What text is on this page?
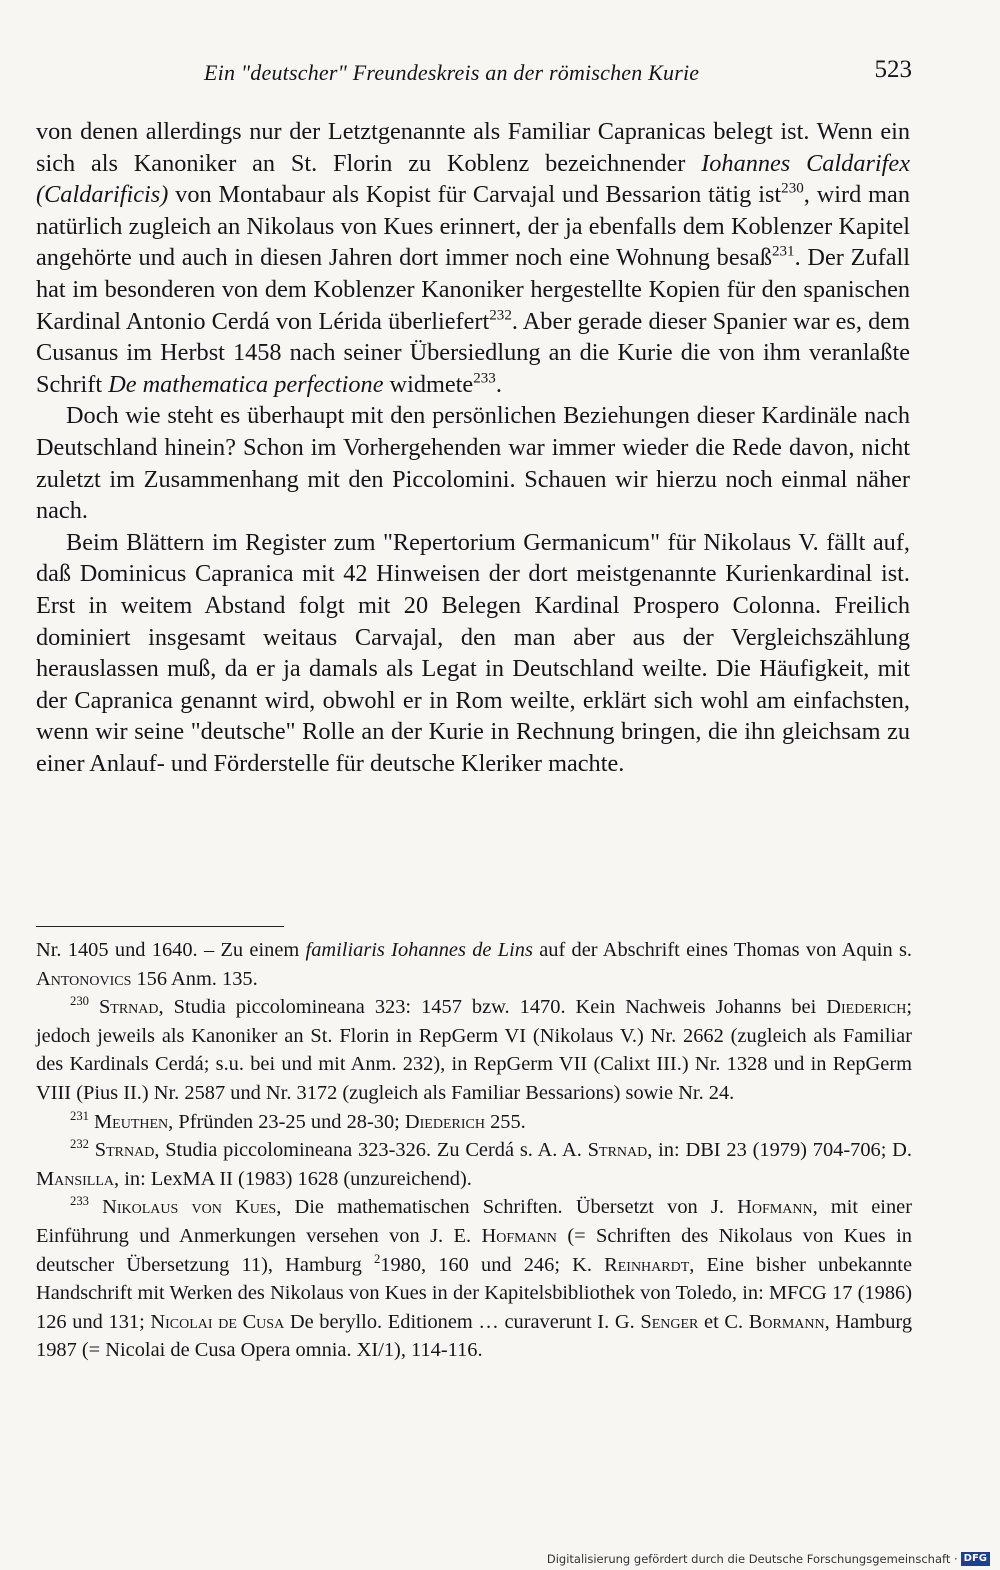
Ein "deutscher" Freundeskreis an der römischen Kurie	523

von denen allerdings nur der Letztgenannte als Familiar Capranicas belegt ist. Wenn ein sich als Kanoniker an St. Florin zu Koblenz bezeichnender Iohannes Caldarifex (Caldarificis) von Montabaur als Kopist für Carvajal und Bessarion tätig ist$^{230}$, wird man natürlich zugleich an Nikolaus von Kues erinnert, der ja ebenfalls dem Koblenzer Kapitel angehörte und auch in diesen Jahren dort immer noch eine Wohnung besaß$^{231}$. Der Zufall hat im besonderen von dem Koblenzer Kanoniker hergestellte Kopien für den spanischen Kardinal Antonio Cerdá von Lérida überliefert$^{232}$. Aber gerade dieser Spanier war es, dem Cusanus im Herbst 1458 nach seiner Übersiedlung an die Kurie die von ihm veranlaßte Schrift De mathematica perfectione widmete$^{233}$.

Doch wie steht es überhaupt mit den persönlichen Beziehungen dieser Kardinäle nach Deutschland hinein? Schon im Vorhergehenden war immer wieder die Rede davon, nicht zuletzt im Zusammenhang mit den Piccolomini. Schauen wir hierzu noch einmal näher nach.

Beim Blättern im Register zum "Repertorium Germanicum" für Nikolaus V. fällt auf, daß Dominicus Capranica mit 42 Hinweisen der dort meistgenannte Kurienkardinal ist. Erst in weitem Abstand folgt mit 20 Belegen Kardinal Prospero Colonna. Freilich dominiert insgesamt weitaus Carvajal, den man aber aus der Vergleichszählung herauslassen muß, da er ja damals als Legat in Deutschland weilte. Die Häufigkeit, mit der Capranica genannt wird, obwohl er in Rom weilte, erklärt sich wohl am einfachsten, wenn wir seine "deutsche" Rolle an der Kurie in Rechnung bringen, die ihn gleichsam zu einer Anlauf- und Förderstelle für deutsche Kleriker machte.

Nr. 1405 und 1640. – Zu einem familiaris Iohannes de Lins auf der Abschrift eines Thomas von Aquin s. Antonovics 156 Anm. 135.

$^{230}$ Strnad, Studia piccolomineana 323: 1457 bzw. 1470. Kein Nachweis Johanns bei Diederich; jedoch jeweils als Kanoniker an St. Florin in RepGerm VI (Nikolaus V.) Nr. 2662 (zugleich als Familiar des Kardinals Cerdá; s.u. bei und mit Anm. 232), in RepGerm VII (Calixt III.) Nr. 1328 und in RepGerm VIII (Pius II.) Nr. 2587 und Nr. 3172 (zugleich als Familiar Bessarions) sowie Nr. 24.

$^{231}$ Meuthen, Pfründen 23-25 und 28-30; Diederich 255.

$^{232}$ Strnad, Studia piccolomineana 323-326. Zu Cerdá s. A. A. Strnad, in: DBI 23 (1979) 704-706; D. Mansilla, in: LexMA II (1983) 1628 (unzureichend).

$^{233}$ Nikolaus von Kues, Die mathematischen Schriften. Übersetzt von J. Hofmann, mit einer Einführung und Anmerkungen versehen von J. E. Hofmann (= Schriften des Nikolaus von Kues in deutscher Übersetzung 11), Hamburg $^2$1980, 160 und 246; K. Reinhardt, Eine bisher unbekannte Handschrift mit Werken des Nikolaus von Kues in der Kapitelsbibliothek von Toledo, in: MFCG 17 (1986) 126 und 131; Nicolai de Cusa De beryllo. Editionem … curaverunt I. G. Senger et C. Bormann, Hamburg 1987 (= Nicolai de Cusa Opera omnia. XI/1), 114-116.

Digitalisierung gefördert durch die Deutsche Forschungsgemeinschaft · DFG
